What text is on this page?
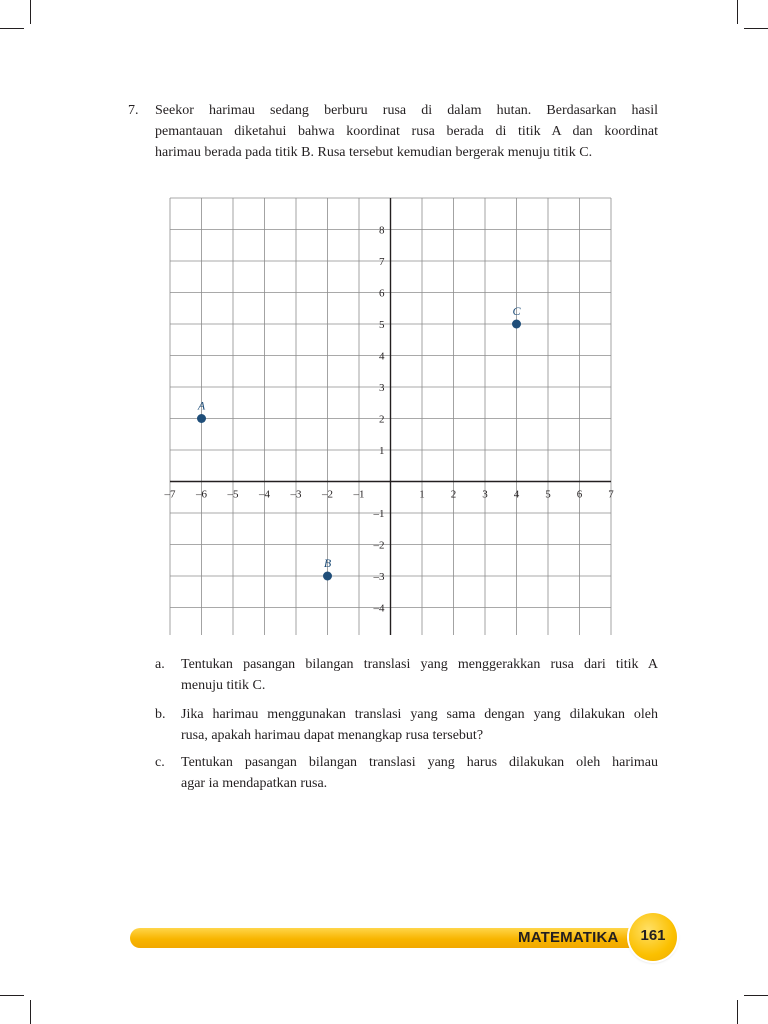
7. Seekor harimau sedang berburu rusa di dalam hutan. Berdasarkan hasil
pemantauan diketahui bahwa koordinat rusa berada di titik A dan koordinat
harimau berada pada titik B. Rusa tersebut kemudian bergerak menuju titik C.
–7 –6 –5 –4 –3 –2 –1	1 2 3 4 5 6 7
8
7
6
5
4
3
2
1
–1
–2
–3
–4
A
B
C
a. Tentukan pasangan bilangan translasi yang menggerakkan rusa dari titik A
menuju titik C.
b. Jika harimau menggunakan translasi yang sama dengan yang dilakukan oleh
rusa, apakah harimau dapat menangkap rusa tersebut?
c. Tentukan pasangan bilangan translasi yang harus dilakukan oleh harimau
agar ia mendapatkan rusa.
MATEMATIKA	161
